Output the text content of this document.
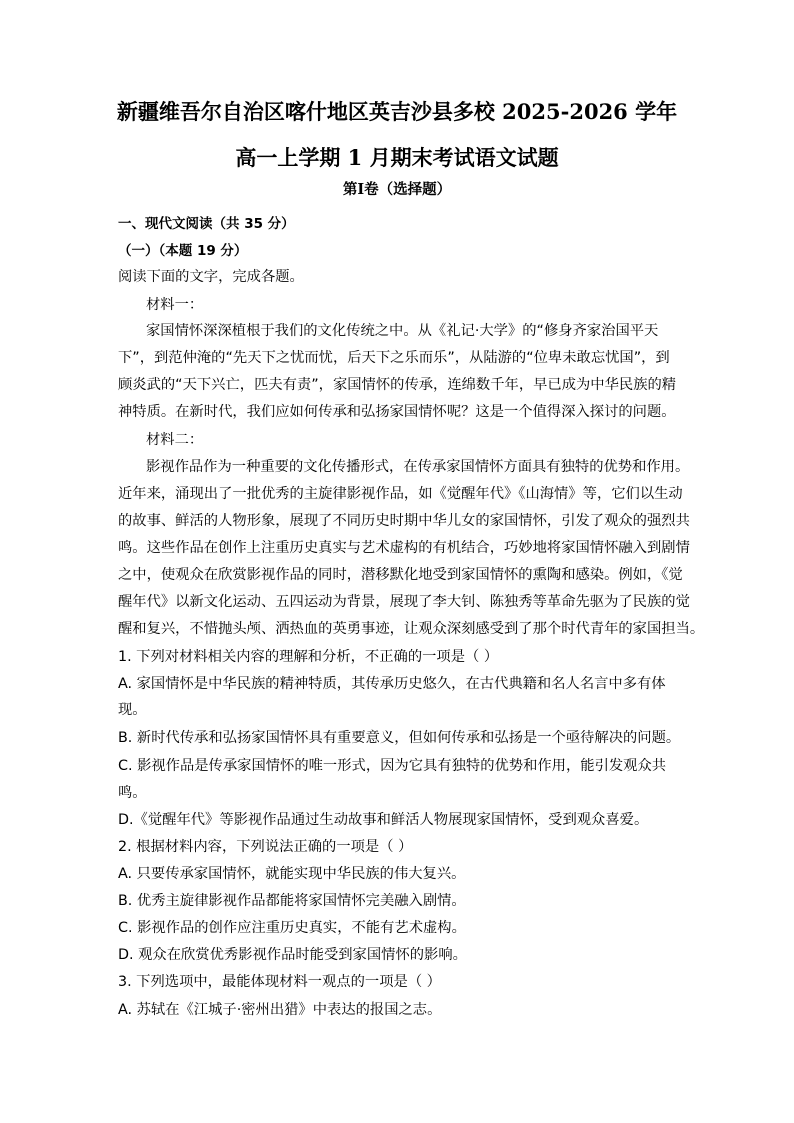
新疆维吾尔自治区喀什地区英吉沙县多校 2025-2026 学年
高一上学期 1 月期末考试语文试题
第Ⅰ卷（选择题）
一、现代文阅读（共 35 分）
（一）（本题 19 分）
阅读下面的文字，完成各题。
材料一：
家国情怀深深植根于我们的文化传统之中。从《礼记·大学》的“修身齐家治国平天
下”，到范仲淹的“先天下之忧而忧，后天下之乐而乐”，从陆游的“位卑未敢忘忧国”，到
顾炎武的“天下兴亡，匹夫有责”，家国情怀的传承，连绵数千年，早已成为中华民族的精
神特质。在新时代，我们应如何传承和弘扬家国情怀呢？这是一个值得深入探讨的问题。
材料二：
影视作品作为一种重要的文化传播形式，在传承家国情怀方面具有独特的优势和作用。
近年来，涌现出了一批优秀的主旋律影视作品，如《觉醒年代》《山海情》等，它们以生动
的故事、鲜活的人物形象，展现了不同历史时期中华儿女的家国情怀，引发了观众的强烈共
鸣。这些作品在创作上注重历史真实与艺术虚构的有机结合，巧妙地将家国情怀融入到剧情
之中，使观众在欣赏影视作品的同时，潜移默化地受到家国情怀的熏陶和感染。例如，《觉
醒年代》以新文化运动、五四运动为背景，展现了李大钊、陈独秀等革命先驱为了民族的觉
醒和复兴，不惜抛头颅、洒热血的英勇事迹，让观众深刻感受到了那个时代青年的家国担当。
1. 下列对材料相关内容的理解和分析，不正确的一项是（ ）
A. 家国情怀是中华民族的精神特质，其传承历史悠久，在古代典籍和名人名言中多有体
现。
B. 新时代传承和弘扬家国情怀具有重要意义，但如何传承和弘扬是一个亟待解决的问题。
C. 影视作品是传承家国情怀的唯一形式，因为它具有独特的优势和作用，能引发观众共
鸣。
D.《觉醒年代》等影视作品通过生动故事和鲜活人物展现家国情怀，受到观众喜爱。
2. 根据材料内容，下列说法正确的一项是（ ）
A. 只要传承家国情怀，就能实现中华民族的伟大复兴。
B. 优秀主旋律影视作品都能将家国情怀完美融入剧情。
C. 影视作品的创作应注重历史真实，不能有艺术虚构。
D. 观众在欣赏优秀影视作品时能受到家国情怀的影响。
3. 下列选项中，最能体现材料一观点的一项是（ ）
A. 苏轼在《江城子·密州出猎》中表达的报国之志。
